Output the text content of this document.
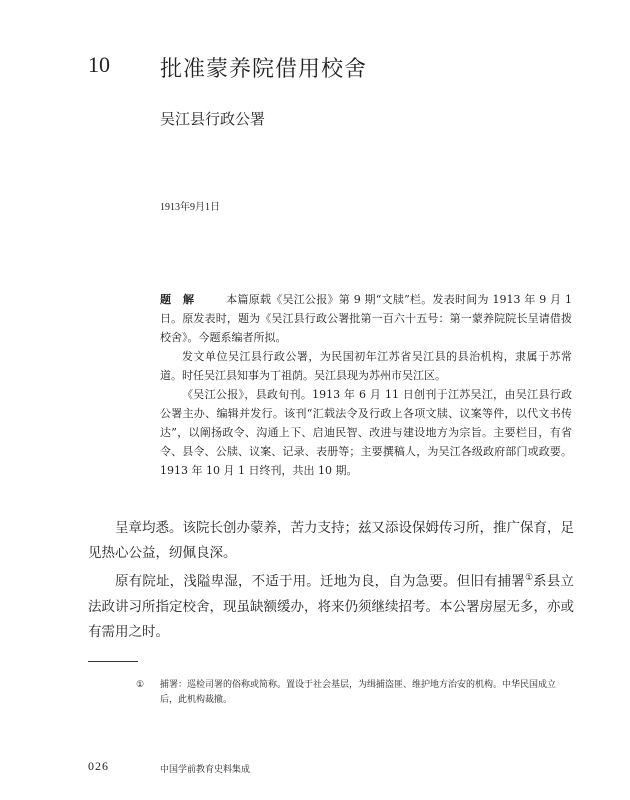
10 批准蒙养院借用校舍
吴江县行政公署
1913年9月1日

题解 本篇原载《吴江公报》第 9 期“文牍”栏。发表时间为 1913 年 9 月 1 日。原发表时，题为《吴江县行政公署批第一百六十五号：第一蒙养院院长呈请借拨校舍》。今题系编者所拟。

发文单位吴江县行政公署，为民国初年江苏省吴江县的县治机构，隶属于苏常道。时任吴江县知事为丁祖荫。吴江县现为苏州市吴江区。

《吴江公报》，县政旬刊。1913 年 6 月 11 日创刊于江苏吴江，由吴江县行政公署主办、编辑并发行。该刊“汇载法令及行政上各项文牍、议案等件，以代文书传达”，以阐扬政令、沟通上下、启迪民智、改进与建设地方为宗旨。主要栏目，有省令、县令、公牍、议案、记录、表册等；主要撰稿人，为吴江各级政府部门或政要。1913 年 10 月 1 日终刊，共出 10 期。

呈章均悉。该院长创办蒙养，苦力支持；兹又添设保姆传习所，推广保育，足见热心公益，纫佩良深。

原有院址，浅隘卑湿，不适于用。迁地为良，自为急要。但旧有捕署①系县立法政讲习所指定校舍，现虽缺额缓办，将来仍须继续招考。本公署房屋无多，亦或有需用之时。

① 捕署：巡检司署的俗称或简称。置设于社会基层，为缉捕盗匪、维护地方治安的机构。中华民国成立后，此机构裁撤。
026	中国学前教育史料集成
